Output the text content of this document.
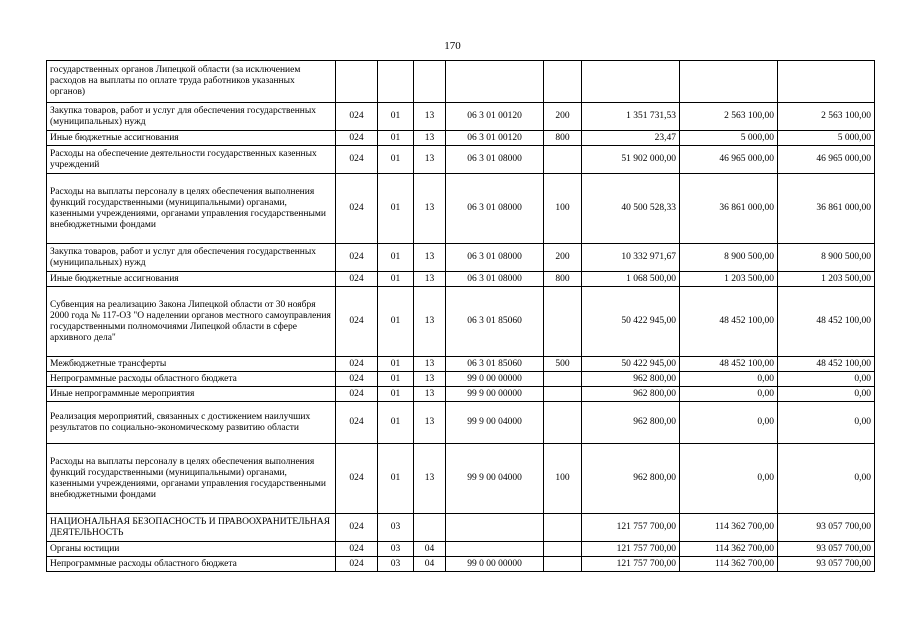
170
государственных органов Липецкой области (за исключением расходов на выплаты по оплате труда работников указанных органов)								
Закупка товаров, работ и услуг для обеспечения государственных (муниципальных) нужд	024	01	13	06 3 01 00120	200	1 351 731,53	2 563 100,00	2 563 100,00
Иные бюджетные ассигнования	024	01	13	06 3 01 00120	800	23,47	5 000,00	5 000,00
Расходы на обеспечение деятельности государственных казенных учреждений	024	01	13	06 3 01 08000		51 902 000,00	46 965 000,00	46 965 000,00
Расходы на выплаты персоналу в целях обеспечения выполнения функций государственными (муниципальными) органами, казенными учреждениями, органами управления государственными внебюджетными фондами	024	01	13	06 3 01 08000	100	40 500 528,33	36 861 000,00	36 861 000,00
Закупка товаров, работ и услуг для обеспечения государственных (муниципальных) нужд	024	01	13	06 3 01 08000	200	10 332 971,67	8 900 500,00	8 900 500,00
Иные бюджетные ассигнования	024	01	13	06 3 01 08000	800	1 068 500,00	1 203 500,00	1 203 500,00
Субвенция на реализацию Закона Липецкой области от 30 ноября 2000 года № 117-ОЗ "О наделении органов местного самоуправления государственными полномочиями Липецкой области в сфере архивного дела"	024	01	13	06 3 01 85060		50 422 945,00	48 452 100,00	48 452 100,00
Межбюджетные трансферты	024	01	13	06 3 01 85060	500	50 422 945,00	48 452 100,00	48 452 100,00
Непрограммные расходы областного бюджета	024	01	13	99 0 00 00000		962 800,00	0,00	0,00
Иные непрограммные мероприятия	024	01	13	99 9 00 00000		962 800,00	0,00	0,00
Реализация мероприятий, связанных с достижением наилучших результатов по социально-экономическому развитию области	024	01	13	99 9 00 04000		962 800,00	0,00	0,00
Расходы на выплаты персоналу в целях обеспечения выполнения функций государственными (муниципальными) органами, казенными учреждениями, органами управления государственными внебюджетными фондами	024	01	13	99 9 00 04000	100	962 800,00	0,00	0,00
НАЦИОНАЛЬНАЯ БЕЗОПАСНОСТЬ И ПРАВООХРАНИТЕЛЬНАЯ ДЕЯТЕЛЬНОСТЬ	024	03				121 757 700,00	114 362 700,00	93 057 700,00
Органы юстиции	024	03	04			121 757 700,00	114 362 700,00	93 057 700,00
Непрограммные расходы областного бюджета	024	03	04	99 0 00 00000		121 757 700,00	114 362 700,00	93 057 700,00
